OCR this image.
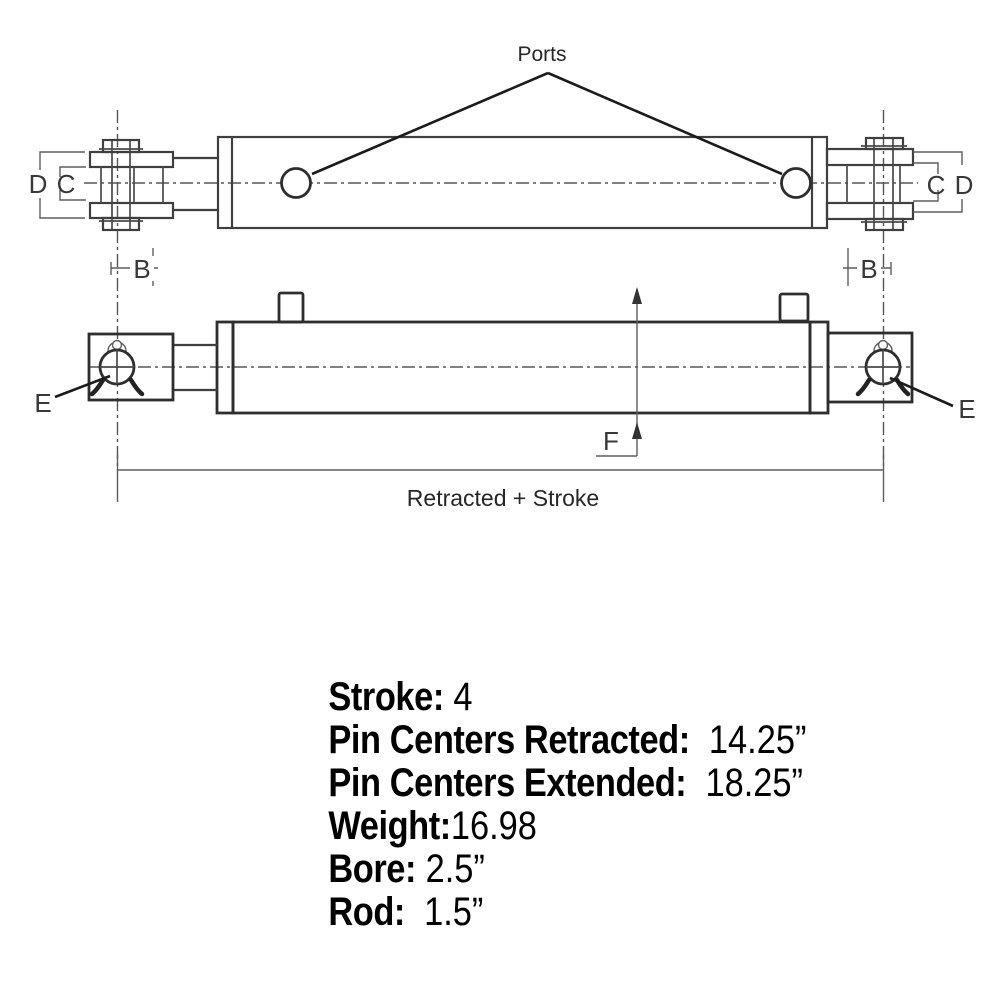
Ports
D C	C D
B	B
E	E
F
Retracted + Stroke

Stroke: 4

Pin Centers Retracted:  14.25”

Pin Centers Extended:  18.25”

Weight:16.98

Bore: 2.5”

Rod:  1.5”
